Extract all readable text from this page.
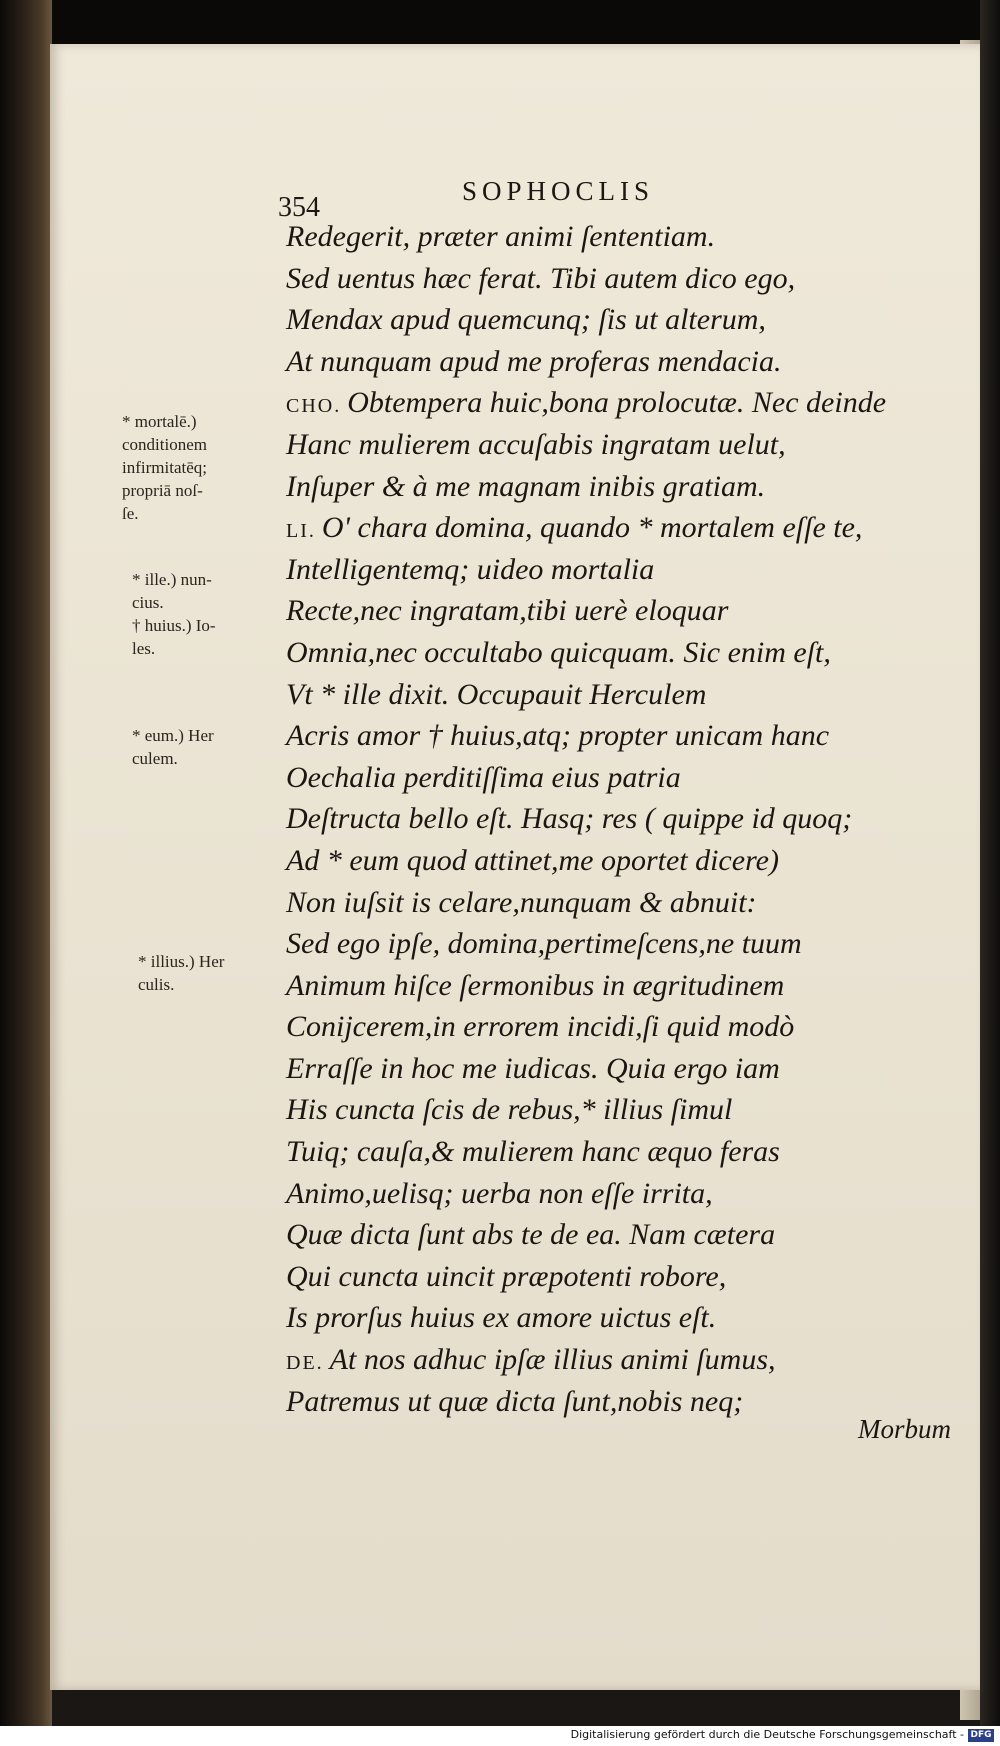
354
SOPHOCLIS
Redegerit, præter animi ſententiam.
Sed uentus hæc ferat. Tibi autem dico ego,
Mendax apud quemcunq; ſis ut alterum,
At nunquam apud me proferas mendacia.
CHO. Obtempera huic,bona prolocutæ. Nec deinde
Hanc mulierem accuſabis ingratam uelut,
Inſuper & à me magnam inibis gratiam.
LI. O' chara domina, quando * mortalem eſſe te,
Intelligentemq; uideo mortalia
Recte,nec ingratam,tibi uerè eloquar
Omnia,nec occultabo quicquam. Sic enim eſt,
Vt * ille dixit. Occupauit Herculem
Acris amor † huius,atq; propter unicam hanc
Oechalia perditiſſima eius patria
Deſtructa bello eſt. Hasq; res ( quippe id quoq;
Ad * eum quod attinet,me oportet dicere)
Non iuſsit is celare,nunquam & abnuit:
Sed ego ipſe, domina,pertimeſcens,ne tuum
Animum hiſce ſermonibus in ægritudinem
Conijcerem,in errorem incidi,ſi quid modò
Erraſſe in hoc me iudicas. Quia ergo iam
His cuncta ſcis de rebus,* illius ſimul
Tuiq; cauſa,& mulierem hanc æquo feras
Animo,uelisq; uerba non eſſe irrita,
Quæ dicta ſunt abs te de ea. Nam cætera
Qui cuncta uincit præpotenti robore,
Is prorſus huius ex amore uictus eſt.
DE. At nos adhuc ipſæ illius animi ſumus,
Patremus ut quæ dicta ſunt,nobis neq;
* mortalē.)
conditionem
infirmitatēq;
propriā noſ-
ſe.
* ille.) nun-
cius.
† huius.) Io-
les.
* eum.) Her
culem.
* illius.) Her
culis.
Morbum
Digitalisierung gefördert durch die Deutsche Forschungsgemeinschaft - DFG
